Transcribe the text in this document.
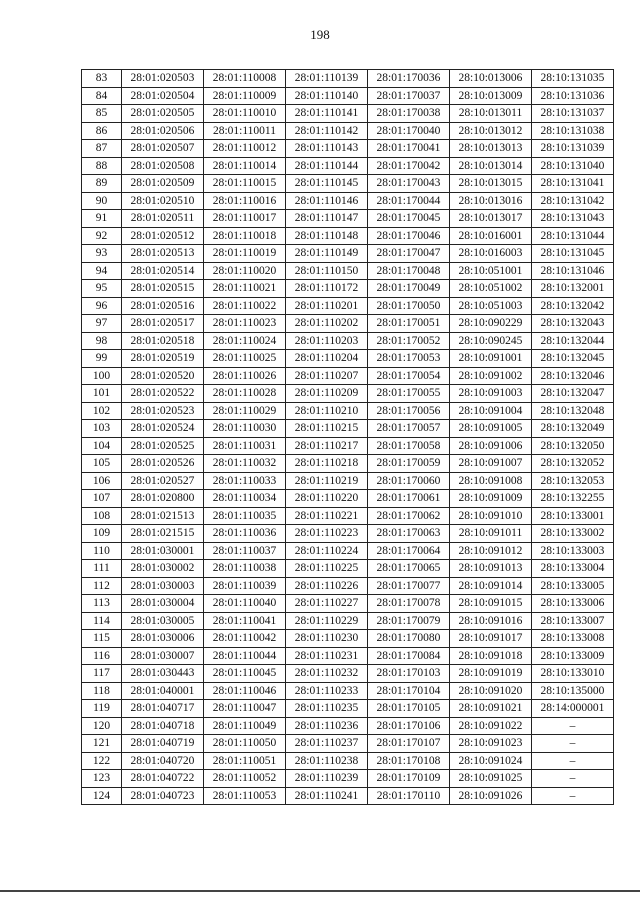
198
83	28:01:020503	28:01:110008	28:01:110139	28:01:170036	28:10:013006	28:10:131035
84	28:01:020504	28:01:110009	28:01:110140	28:01:170037	28:10:013009	28:10:131036
85	28:01:020505	28:01:110010	28:01:110141	28:01:170038	28:10:013011	28:10:131037
86	28:01:020506	28:01:110011	28:01:110142	28:01:170040	28:10:013012	28:10:131038
87	28:01:020507	28:01:110012	28:01:110143	28:01:170041	28:10:013013	28:10:131039
88	28:01:020508	28:01:110014	28:01:110144	28:01:170042	28:10:013014	28:10:131040
89	28:01:020509	28:01:110015	28:01:110145	28:01:170043	28:10:013015	28:10:131041
90	28:01:020510	28:01:110016	28:01:110146	28:01:170044	28:10:013016	28:10:131042
91	28:01:020511	28:01:110017	28:01:110147	28:01:170045	28:10:013017	28:10:131043
92	28:01:020512	28:01:110018	28:01:110148	28:01:170046	28:10:016001	28:10:131044
93	28:01:020513	28:01:110019	28:01:110149	28:01:170047	28:10:016003	28:10:131045
94	28:01:020514	28:01:110020	28:01:110150	28:01:170048	28:10:051001	28:10:131046
95	28:01:020515	28:01:110021	28:01:110172	28:01:170049	28:10:051002	28:10:132001
96	28:01:020516	28:01:110022	28:01:110201	28:01:170050	28:10:051003	28:10:132042
97	28:01:020517	28:01:110023	28:01:110202	28:01:170051	28:10:090229	28:10:132043
98	28:01:020518	28:01:110024	28:01:110203	28:01:170052	28:10:090245	28:10:132044
99	28:01:020519	28:01:110025	28:01:110204	28:01:170053	28:10:091001	28:10:132045
100	28:01:020520	28:01:110026	28:01:110207	28:01:170054	28:10:091002	28:10:132046
101	28:01:020522	28:01:110028	28:01:110209	28:01:170055	28:10:091003	28:10:132047
102	28:01:020523	28:01:110029	28:01:110210	28:01:170056	28:10:091004	28:10:132048
103	28:01:020524	28:01:110030	28:01:110215	28:01:170057	28:10:091005	28:10:132049
104	28:01:020525	28:01:110031	28:01:110217	28:01:170058	28:10:091006	28:10:132050
105	28:01:020526	28:01:110032	28:01:110218	28:01:170059	28:10:091007	28:10:132052
106	28:01:020527	28:01:110033	28:01:110219	28:01:170060	28:10:091008	28:10:132053
107	28:01:020800	28:01:110034	28:01:110220	28:01:170061	28:10:091009	28:10:132255
108	28:01:021513	28:01:110035	28:01:110221	28:01:170062	28:10:091010	28:10:133001
109	28:01:021515	28:01:110036	28:01:110223	28:01:170063	28:10:091011	28:10:133002
110	28:01:030001	28:01:110037	28:01:110224	28:01:170064	28:10:091012	28:10:133003
111	28:01:030002	28:01:110038	28:01:110225	28:01:170065	28:10:091013	28:10:133004
112	28:01:030003	28:01:110039	28:01:110226	28:01:170077	28:10:091014	28:10:133005
113	28:01:030004	28:01:110040	28:01:110227	28:01:170078	28:10:091015	28:10:133006
114	28:01:030005	28:01:110041	28:01:110229	28:01:170079	28:10:091016	28:10:133007
115	28:01:030006	28:01:110042	28:01:110230	28:01:170080	28:10:091017	28:10:133008
116	28:01:030007	28:01:110044	28:01:110231	28:01:170084	28:10:091018	28:10:133009
117	28:01:030443	28:01:110045	28:01:110232	28:01:170103	28:10:091019	28:10:133010
118	28:01:040001	28:01:110046	28:01:110233	28:01:170104	28:10:091020	28:10:135000
119	28:01:040717	28:01:110047	28:01:110235	28:01:170105	28:10:091021	28:14:000001
120	28:01:040718	28:01:110049	28:01:110236	28:01:170106	28:10:091022	–
121	28:01:040719	28:01:110050	28:01:110237	28:01:170107	28:10:091023	–
122	28:01:040720	28:01:110051	28:01:110238	28:01:170108	28:10:091024	–
123	28:01:040722	28:01:110052	28:01:110239	28:01:170109	28:10:091025	–
124	28:01:040723	28:01:110053	28:01:110241	28:01:170110	28:10:091026	–
